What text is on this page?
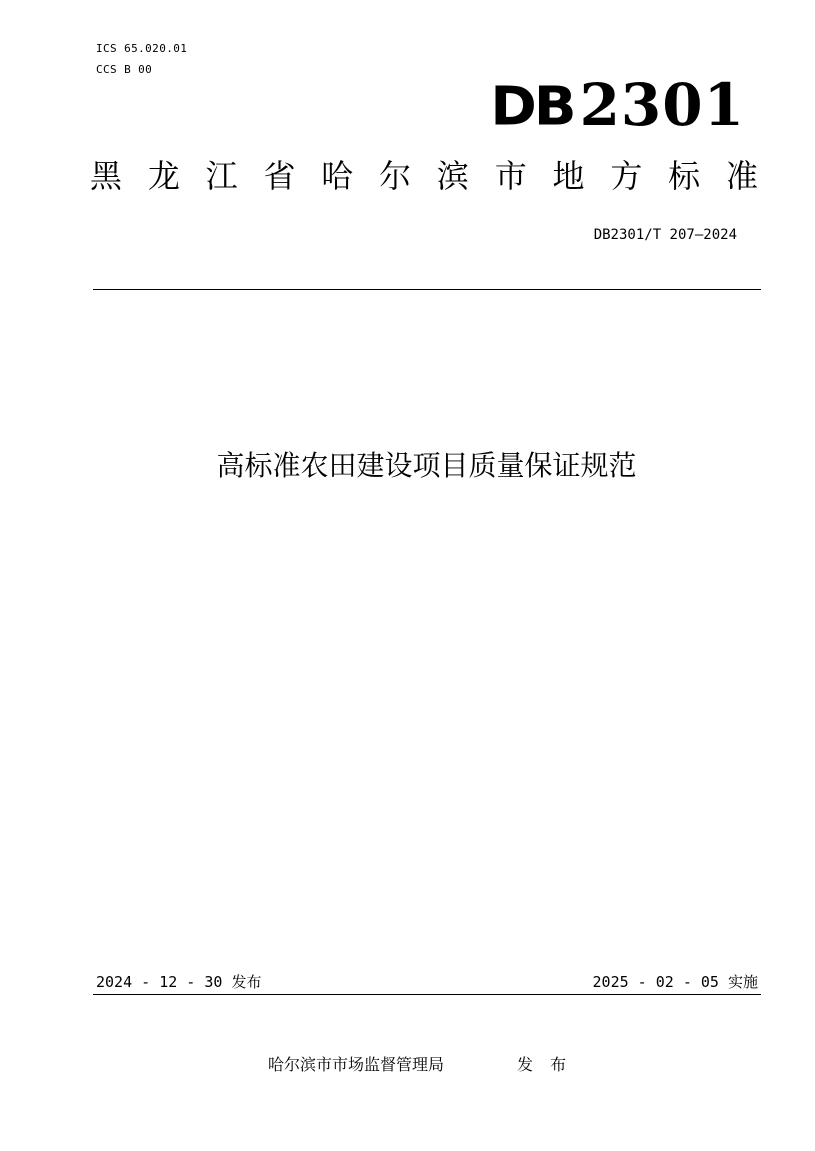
ICS 65.020.01
CCS B 00
DB 2301
黑 龙 江 省 哈 尔 滨 市 地 方 标 准
DB2301/T 207—2024
高标准农田建设项目质量保证规范
2024 - 12 - 30 发布	2025 - 02 - 05 实施
哈尔滨市市场监督管理局	发 布
